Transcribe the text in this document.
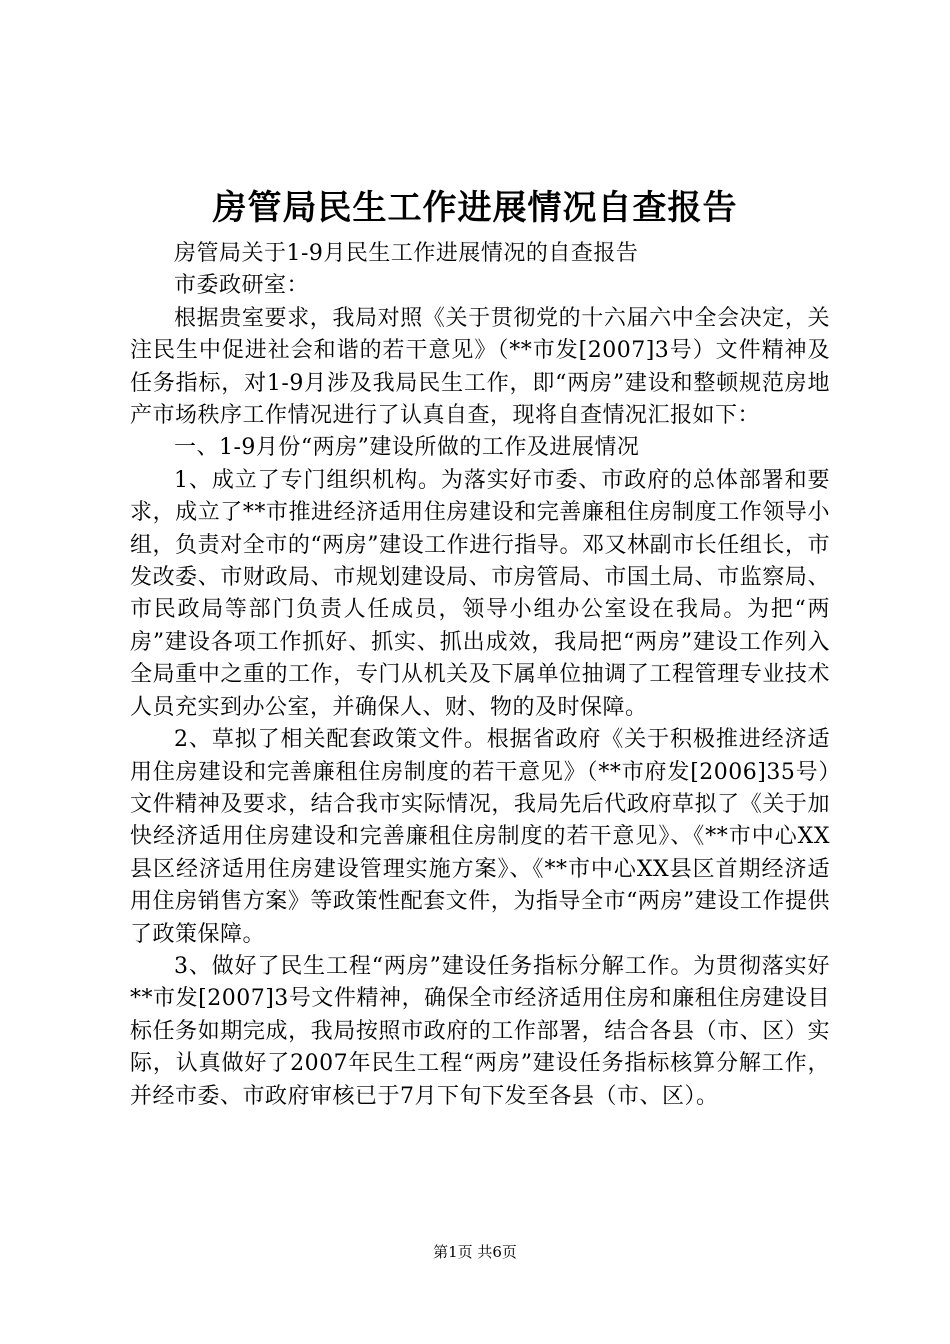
房管局民生工作进展情况自查报告

房管局关于1-9月民生工作进展情况的自查报告

市委政研室：

根据贵室要求，我局对照《关于贯彻党的十六届六中全会决定，关注民生中促进社会和谐的若干意见》（**市发[2007]3号）文件精神及任务指标，对1-9月涉及我局民生工作，即“两房”建设和整顿规范房地产市场秩序工作情况进行了认真自查，现将自查情况汇报如下：

一、1-9月份“两房”建设所做的工作及进展情况

1、成立了专门组织机构。为落实好市委、市政府的总体部署和要求，成立了**市推进经济适用住房建设和完善廉租住房制度工作领导小组，负责对全市的“两房”建设工作进行指导。邓又林副市长任组长，市发改委、市财政局、市规划建设局、市房管局、市国土局、市监察局、市民政局等部门负责人任成员，领导小组办公室设在我局。为把“两房”建设各项工作抓好、抓实、抓出成效，我局把“两房”建设工作列入全局重中之重的工作，专门从机关及下属单位抽调了工程管理专业技术人员充实到办公室，并确保人、财、物的及时保障。

2、草拟了相关配套政策文件。根据省政府《关于积极推进经济适用住房建设和完善廉租住房制度的若干意见》（**市府发[2006]35号）文件精神及要求，结合我市实际情况，我局先后代政府草拟了《关于加快经济适用住房建设和完善廉租住房制度的若干意见》、《**市中心XX县区经济适用住房建设管理实施方案》、《**市中心XX县区首期经济适用住房销售方案》等政策性配套文件，为指导全市“两房”建设工作提供了政策保障。

3、做好了民生工程“两房”建设任务指标分解工作。为贯彻落实好**市发[2007]3号文件精神，确保全市经济适用住房和廉租住房建设目标任务如期完成，我局按照市政府的工作部署，结合各县（市、区）实际，认真做好了2007年民生工程“两房”建设任务指标核算分解工作，并经市委、市政府审核已于7月下旬下发至各县（市、区）。

第1页 共6页
